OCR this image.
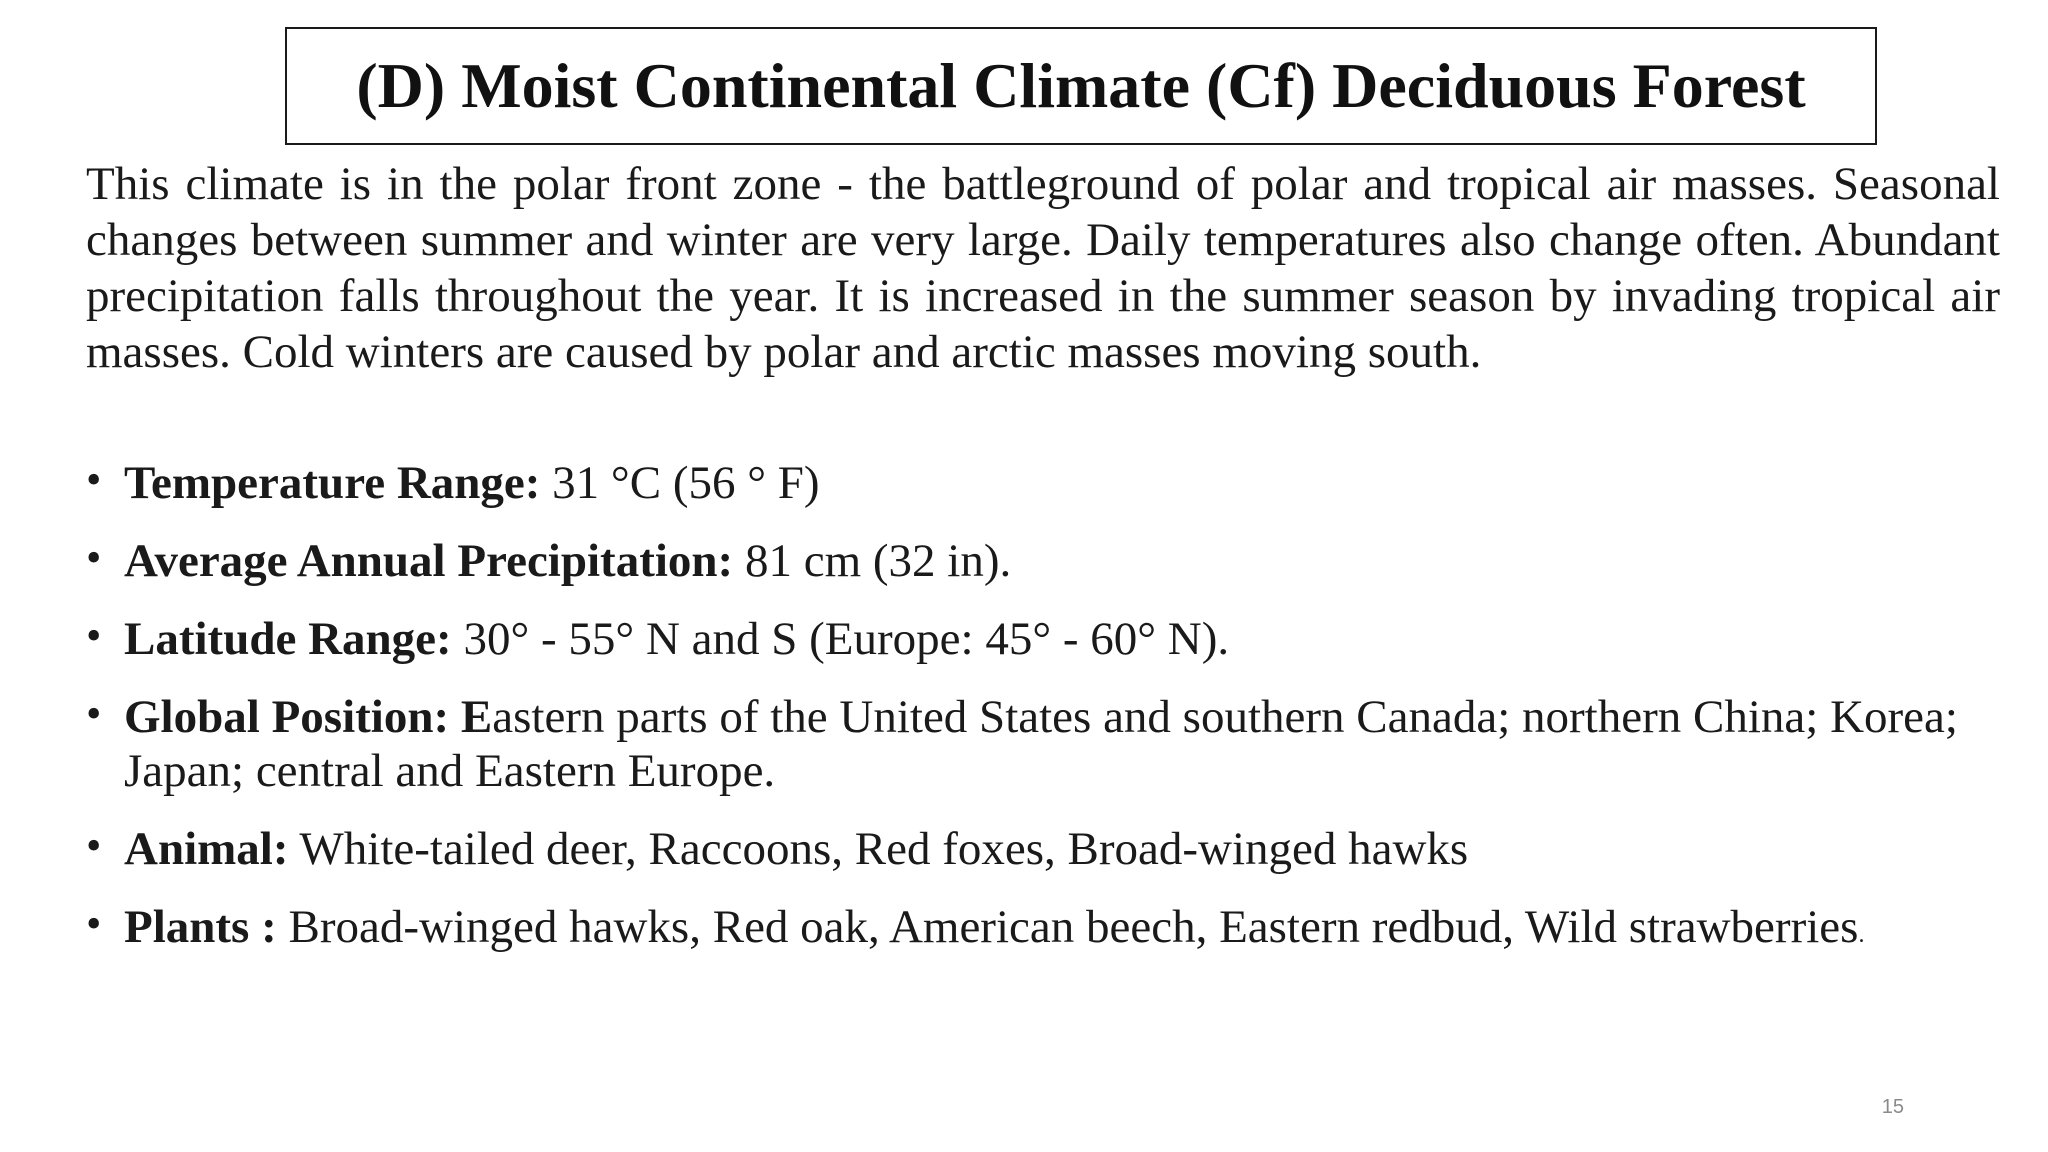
(D) Moist Continental Climate (Cf) Deciduous Forest

This climate is in the polar front zone - the battleground of polar and tropical air masses. Seasonal changes between summer and winter are very large. Daily temperatures also change often. Abundant precipitation falls throughout the year. It is increased in the summer season by invading tropical air masses. Cold winters are caused by polar and arctic masses moving south.

• Temperature Range: 31 °C (56 ° F)
• Average Annual Precipitation: 81 cm (32 in).
• Latitude Range: 30° - 55° N and S (Europe: 45° - 60° N).
• Global Position: Eastern parts of the United States and southern Canada; northern China; Korea; Japan; central and Eastern Europe.
• Animal: White-tailed deer, Raccoons, Red foxes, Broad-winged hawks
• Plants : Broad-winged hawks, Red oak, American beech, Eastern redbud, Wild strawberries.
15
